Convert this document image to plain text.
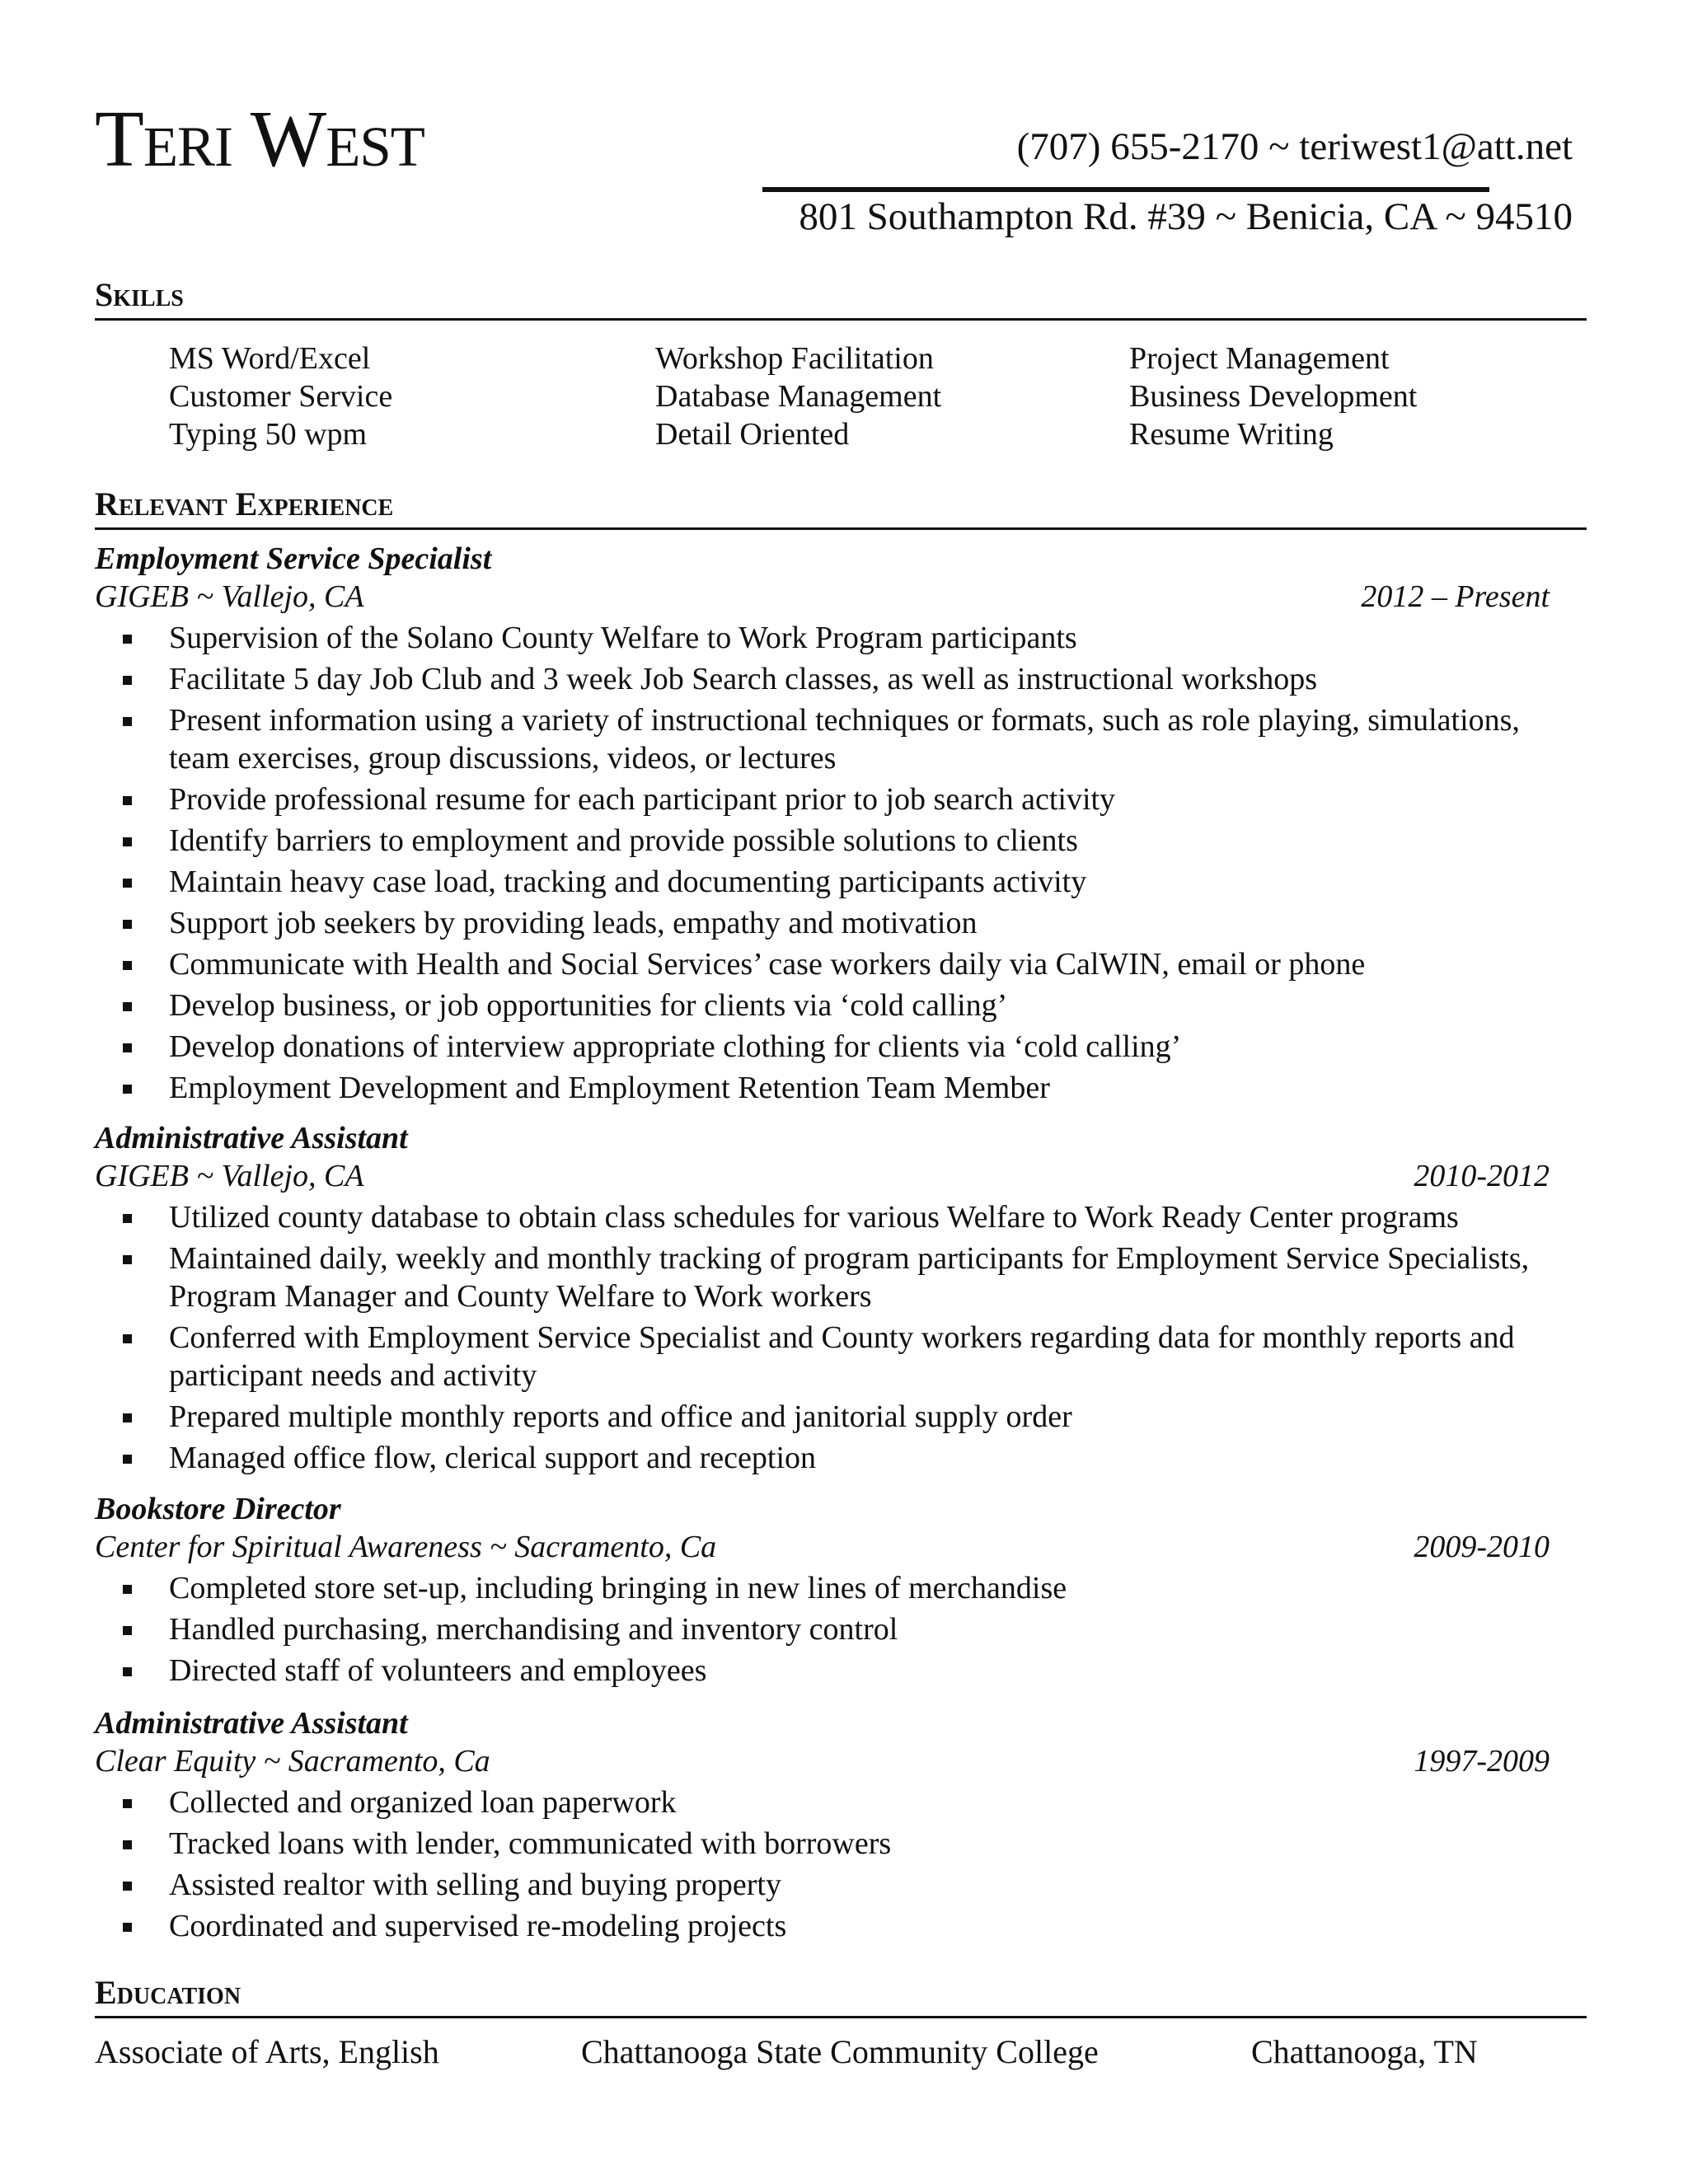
Teri West	(707) 655-2170 ~ teriwest1@att.net
801 Southampton Rd. #39 ~ Benicia, CA ~ 94510
Skills
MS Word/Excel	Workshop Facilitation	Project Management
Customer Service	Database Management	Business Development
Typing 50 wpm	Detail Oriented	Resume Writing
Relevant Experience
Employment Service Specialist
GIGEB ~ Vallejo, CA	2012 – Present
Supervision of the Solano County Welfare to Work Program participants
Facilitate 5 day Job Club and 3 week Job Search classes, as well as instructional workshops
Present information using a variety of instructional techniques or formats, such as role playing, simulations, team exercises, group discussions, videos, or lectures
Provide professional resume for each participant prior to job search activity
Identify barriers to employment and provide possible solutions to clients
Maintain heavy case load, tracking and documenting participants activity
Support job seekers by providing leads, empathy and motivation
Communicate with Health and Social Services’ case workers daily via CalWIN, email or phone
Develop business, or job opportunities for clients via ‘cold calling’
Develop donations of interview appropriate clothing for clients via ‘cold calling’
Employment Development and Employment Retention Team Member
Administrative Assistant
GIGEB ~ Vallejo, CA	2010-2012
Utilized county database to obtain class schedules for various Welfare to Work Ready Center programs
Maintained daily, weekly and monthly tracking of program participants for Employment Service Specialists, Program Manager and County Welfare to Work workers
Conferred with Employment Service Specialist and County workers regarding data for monthly reports and participant needs and activity
Prepared multiple monthly reports and office and janitorial supply order
Managed office flow, clerical support and reception
Bookstore Director
Center for Spiritual Awareness ~ Sacramento, Ca	2009-2010
Completed store set-up, including bringing in new lines of merchandise
Handled purchasing, merchandising and inventory control
Directed staff of volunteers and employees
Administrative Assistant
Clear Equity ~ Sacramento, Ca	1997-2009
Collected and organized loan paperwork
Tracked loans with lender, communicated with borrowers
Assisted realtor with selling and buying property
Coordinated and supervised re-modeling projects
Education
Associate of Arts, English	Chattanooga State Community College	Chattanooga, TN
